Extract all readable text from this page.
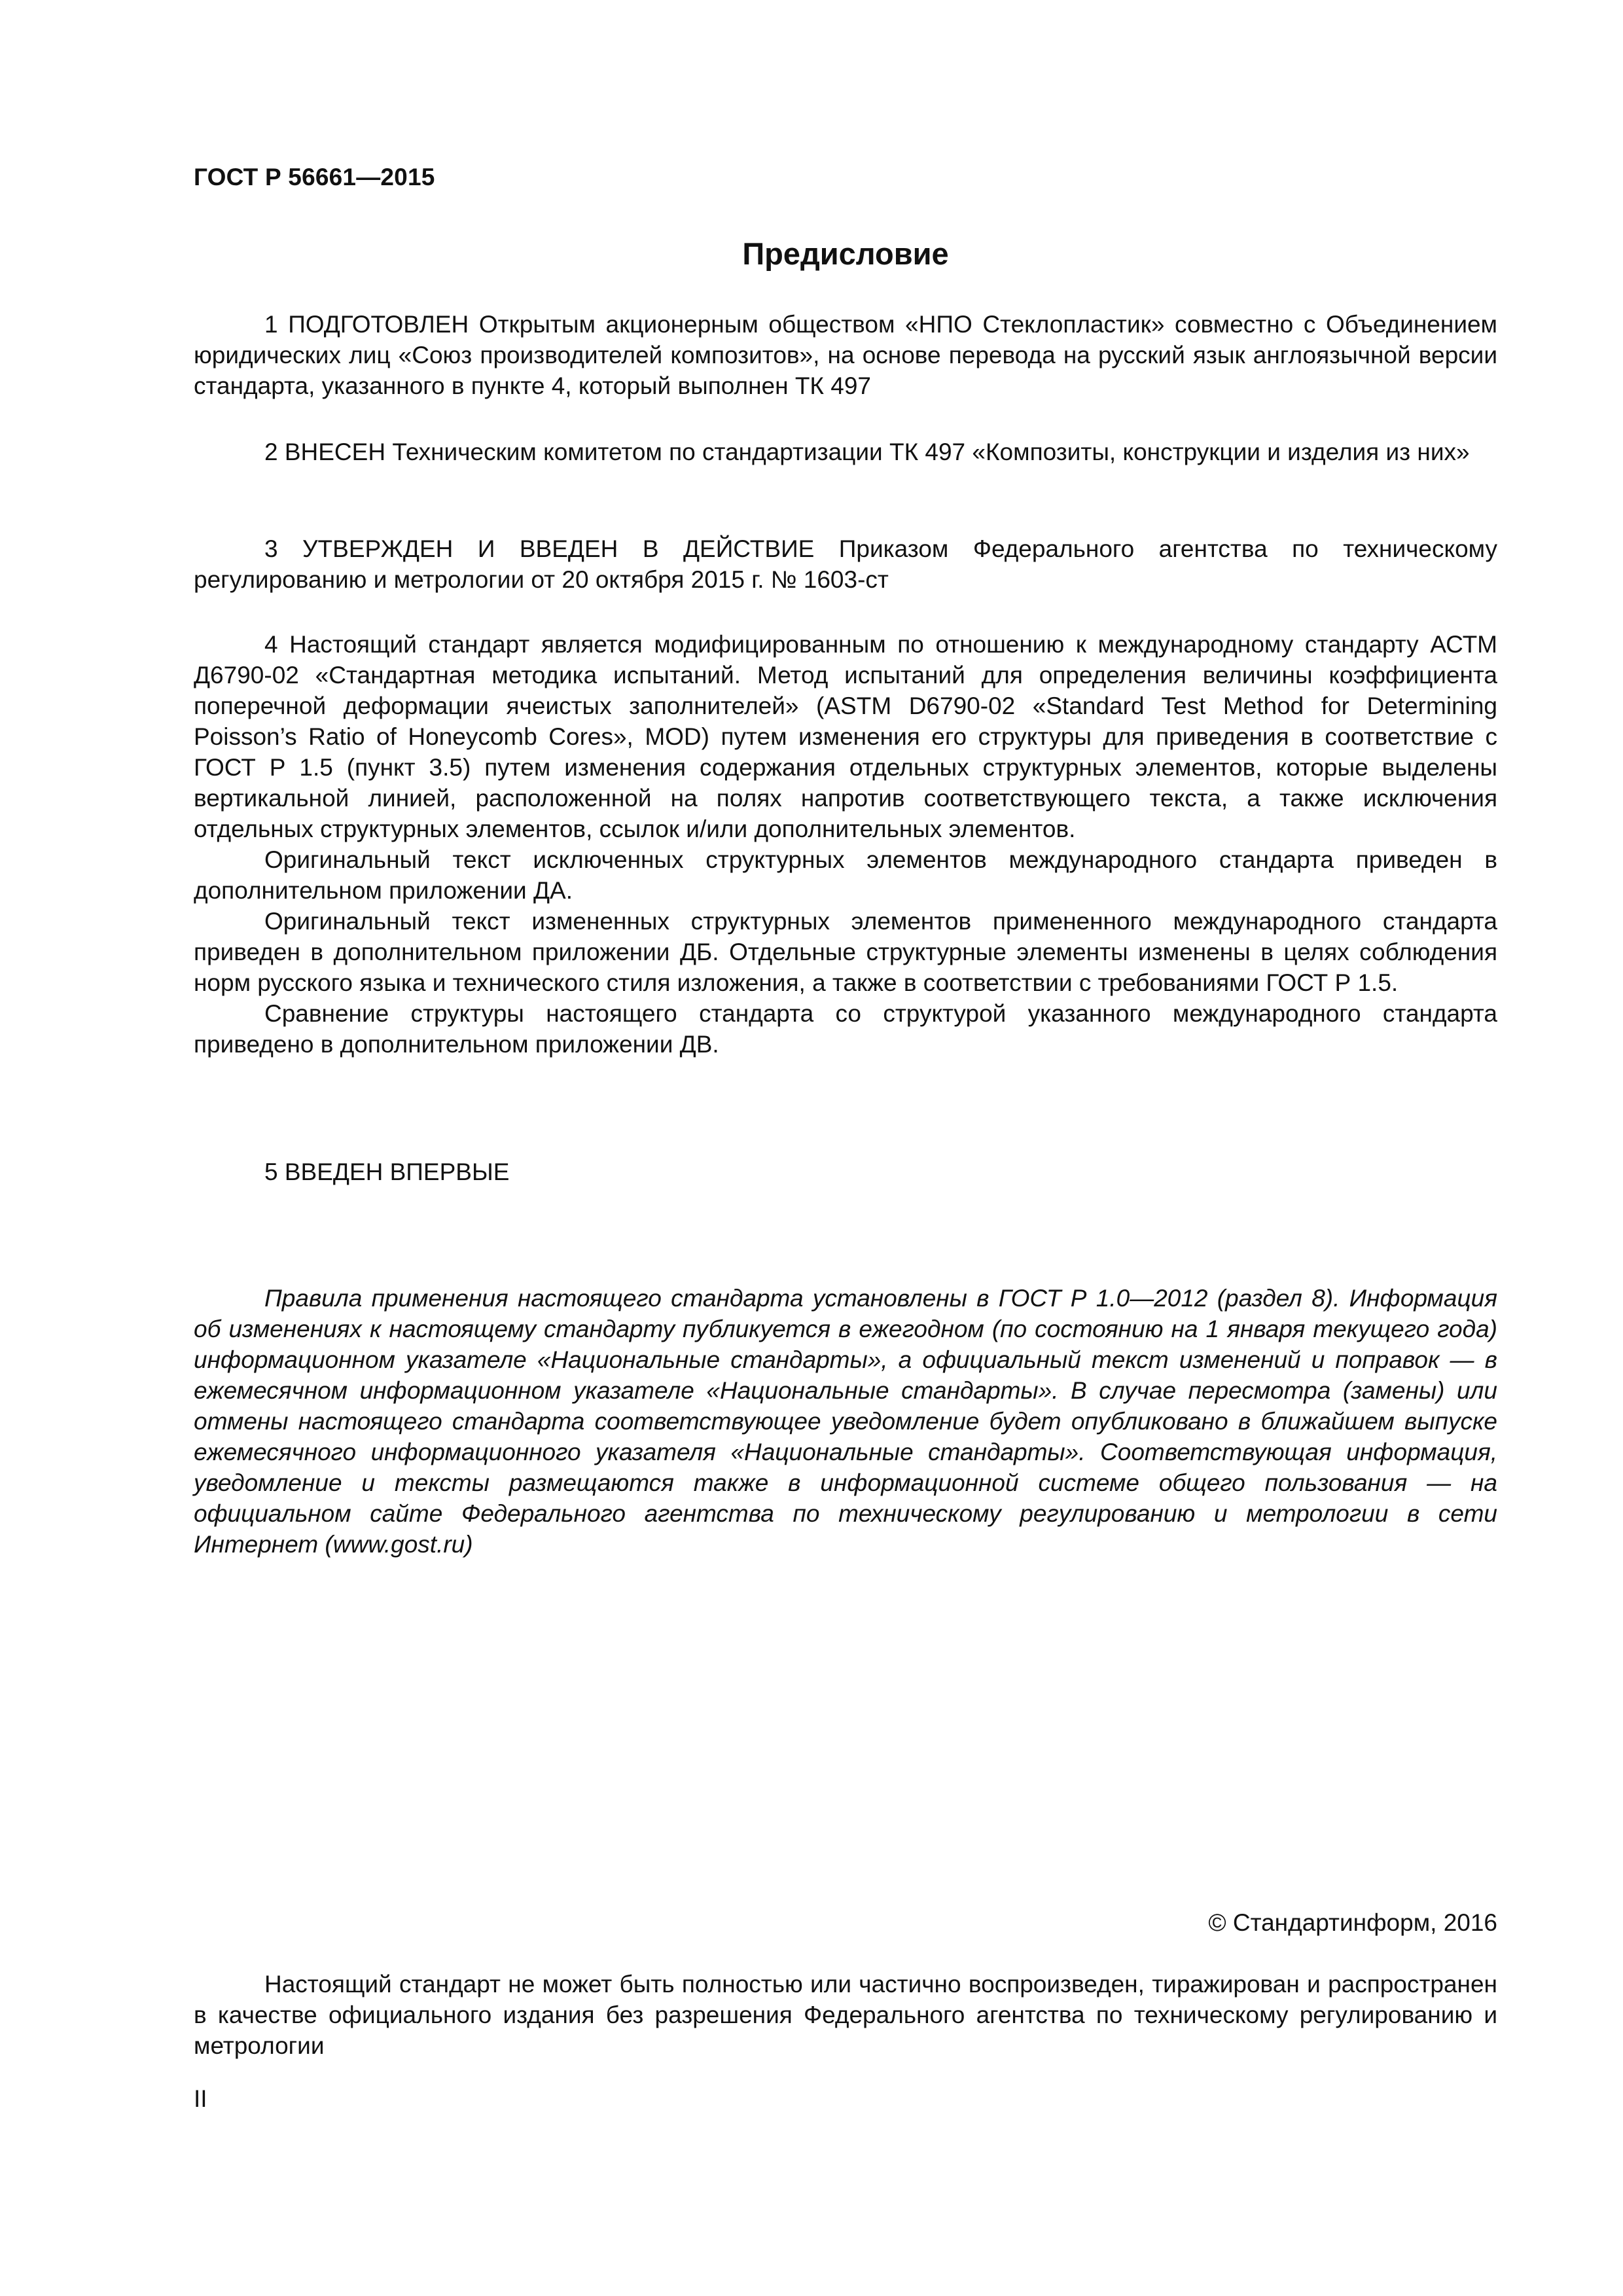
ГОСТ Р 56661—2015
Предисловие

1 ПОДГОТОВЛЕН Открытым акционерным обществом «НПО Стеклопластик» совместно с Объединением юридических лиц «Союз производителей композитов», на основе перевода на русский язык англоязычной версии стандарта, указанного в пункте 4, который выполнен ТК 497

2 ВНЕСЕН Техническим комитетом по стандартизации ТК 497 «Композиты, конструкции и изделия из них»

3 УТВЕРЖДЕН И ВВЕДЕН В ДЕЙСТВИЕ Приказом Федерального агентства по техническому регулированию и метрологии от 20 октября 2015 г. № 1603-ст

4 Настоящий стандарт является модифицированным по отношению к международному стандарту АСТМ Д6790-02 «Стандартная методика испытаний. Метод испытаний для определения величины коэффициента поперечной деформации ячеистых заполнителей» (ASTM D6790-02 «Standard Test Method for Determining Poisson’s Ratio of Honeycomb Cores», MOD) путем изменения его структуры для приведения в соответствие с ГОСТ Р 1.5 (пункт 3.5) путем изменения содержания отдельных структурных элементов, которые выделены вертикальной линией, расположенной на полях напротив соответствующего текста, а также исключения отдельных структурных элементов, ссылок и/или дополнительных элементов.

Оригинальный текст исключенных структурных элементов международного стандарта приведен в дополнительном приложении ДА.

Оригинальный текст измененных структурных элементов примененного международного стандарта приведен в дополнительном приложении ДБ. Отдельные структурные элементы изменены в целях соблюдения норм русского языка и технического стиля изложения, а также в соответствии с требованиями ГОСТ Р 1.5.

Сравнение структуры настоящего стандарта со структурой указанного международного стандарта приведено в дополнительном приложении ДВ.

5 ВВЕДЕН ВПЕРВЫЕ

Правила применения настоящего стандарта установлены в ГОСТ Р 1.0—2012 (раздел 8). Информация об изменениях к настоящему стандарту публикуется в ежегодном (по состоянию на 1 января текущего года) информационном указателе «Национальные стандарты», а официальный текст изменений и поправок — в ежемесячном информационном указателе «Национальные стандарты». В случае пересмотра (замены) или отмены настоящего стандарта соответствующее уведомление будет опубликовано в ближайшем выпуске ежемесячного информационного указателя «Национальные стандарты». Соответствующая информация, уведомление и тексты размещаются также в информационной системе общего пользования — на официальном сайте Федерального агентства по техническому регулированию и метрологии в сети Интернет (www.gost.ru)

© Стандартинформ, 2016

Настоящий стандарт не может быть полностью или частично воспроизведен, тиражирован и распространен в качестве официального издания без разрешения Федерального агентства по техническому регулированию и метрологии

II
